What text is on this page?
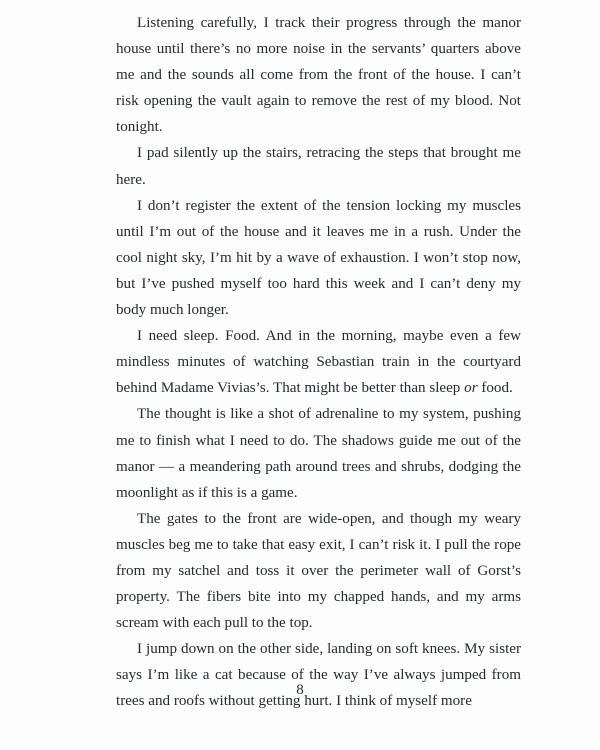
Listening carefully, I track their progress through the manor house until there’s no more noise in the servants’ quarters above me and the sounds all come from the front of the house. I can’t risk opening the vault again to remove the rest of my blood. Not tonight.

I pad silently up the stairs, retracing the steps that brought me here.

I don’t register the extent of the tension locking my muscles until I’m out of the house and it leaves me in a rush. Under the cool night sky, I’m hit by a wave of exhaustion. I won’t stop now, but I’ve pushed myself too hard this week and I can’t deny my body much longer.

I need sleep. Food. And in the morning, maybe even a few mindless minutes of watching Sebastian train in the courtyard behind Madame Vivias’s. That might be better than sleep or food.

The thought is like a shot of adrenaline to my system, pushing me to finish what I need to do. The shadows guide me out of the manor — a meandering path around trees and shrubs, dodging the moonlight as if this is a game.

The gates to the front are wide-open, and though my weary muscles beg me to take that easy exit, I can’t risk it. I pull the rope from my satchel and toss it over the perimeter wall of Gorst’s property. The fibers bite into my chapped hands, and my arms scream with each pull to the top.

I jump down on the other side, landing on soft knees. My sister says I’m like a cat because of the way I’ve always jumped from trees and roofs without getting hurt. I think of myself more

8
